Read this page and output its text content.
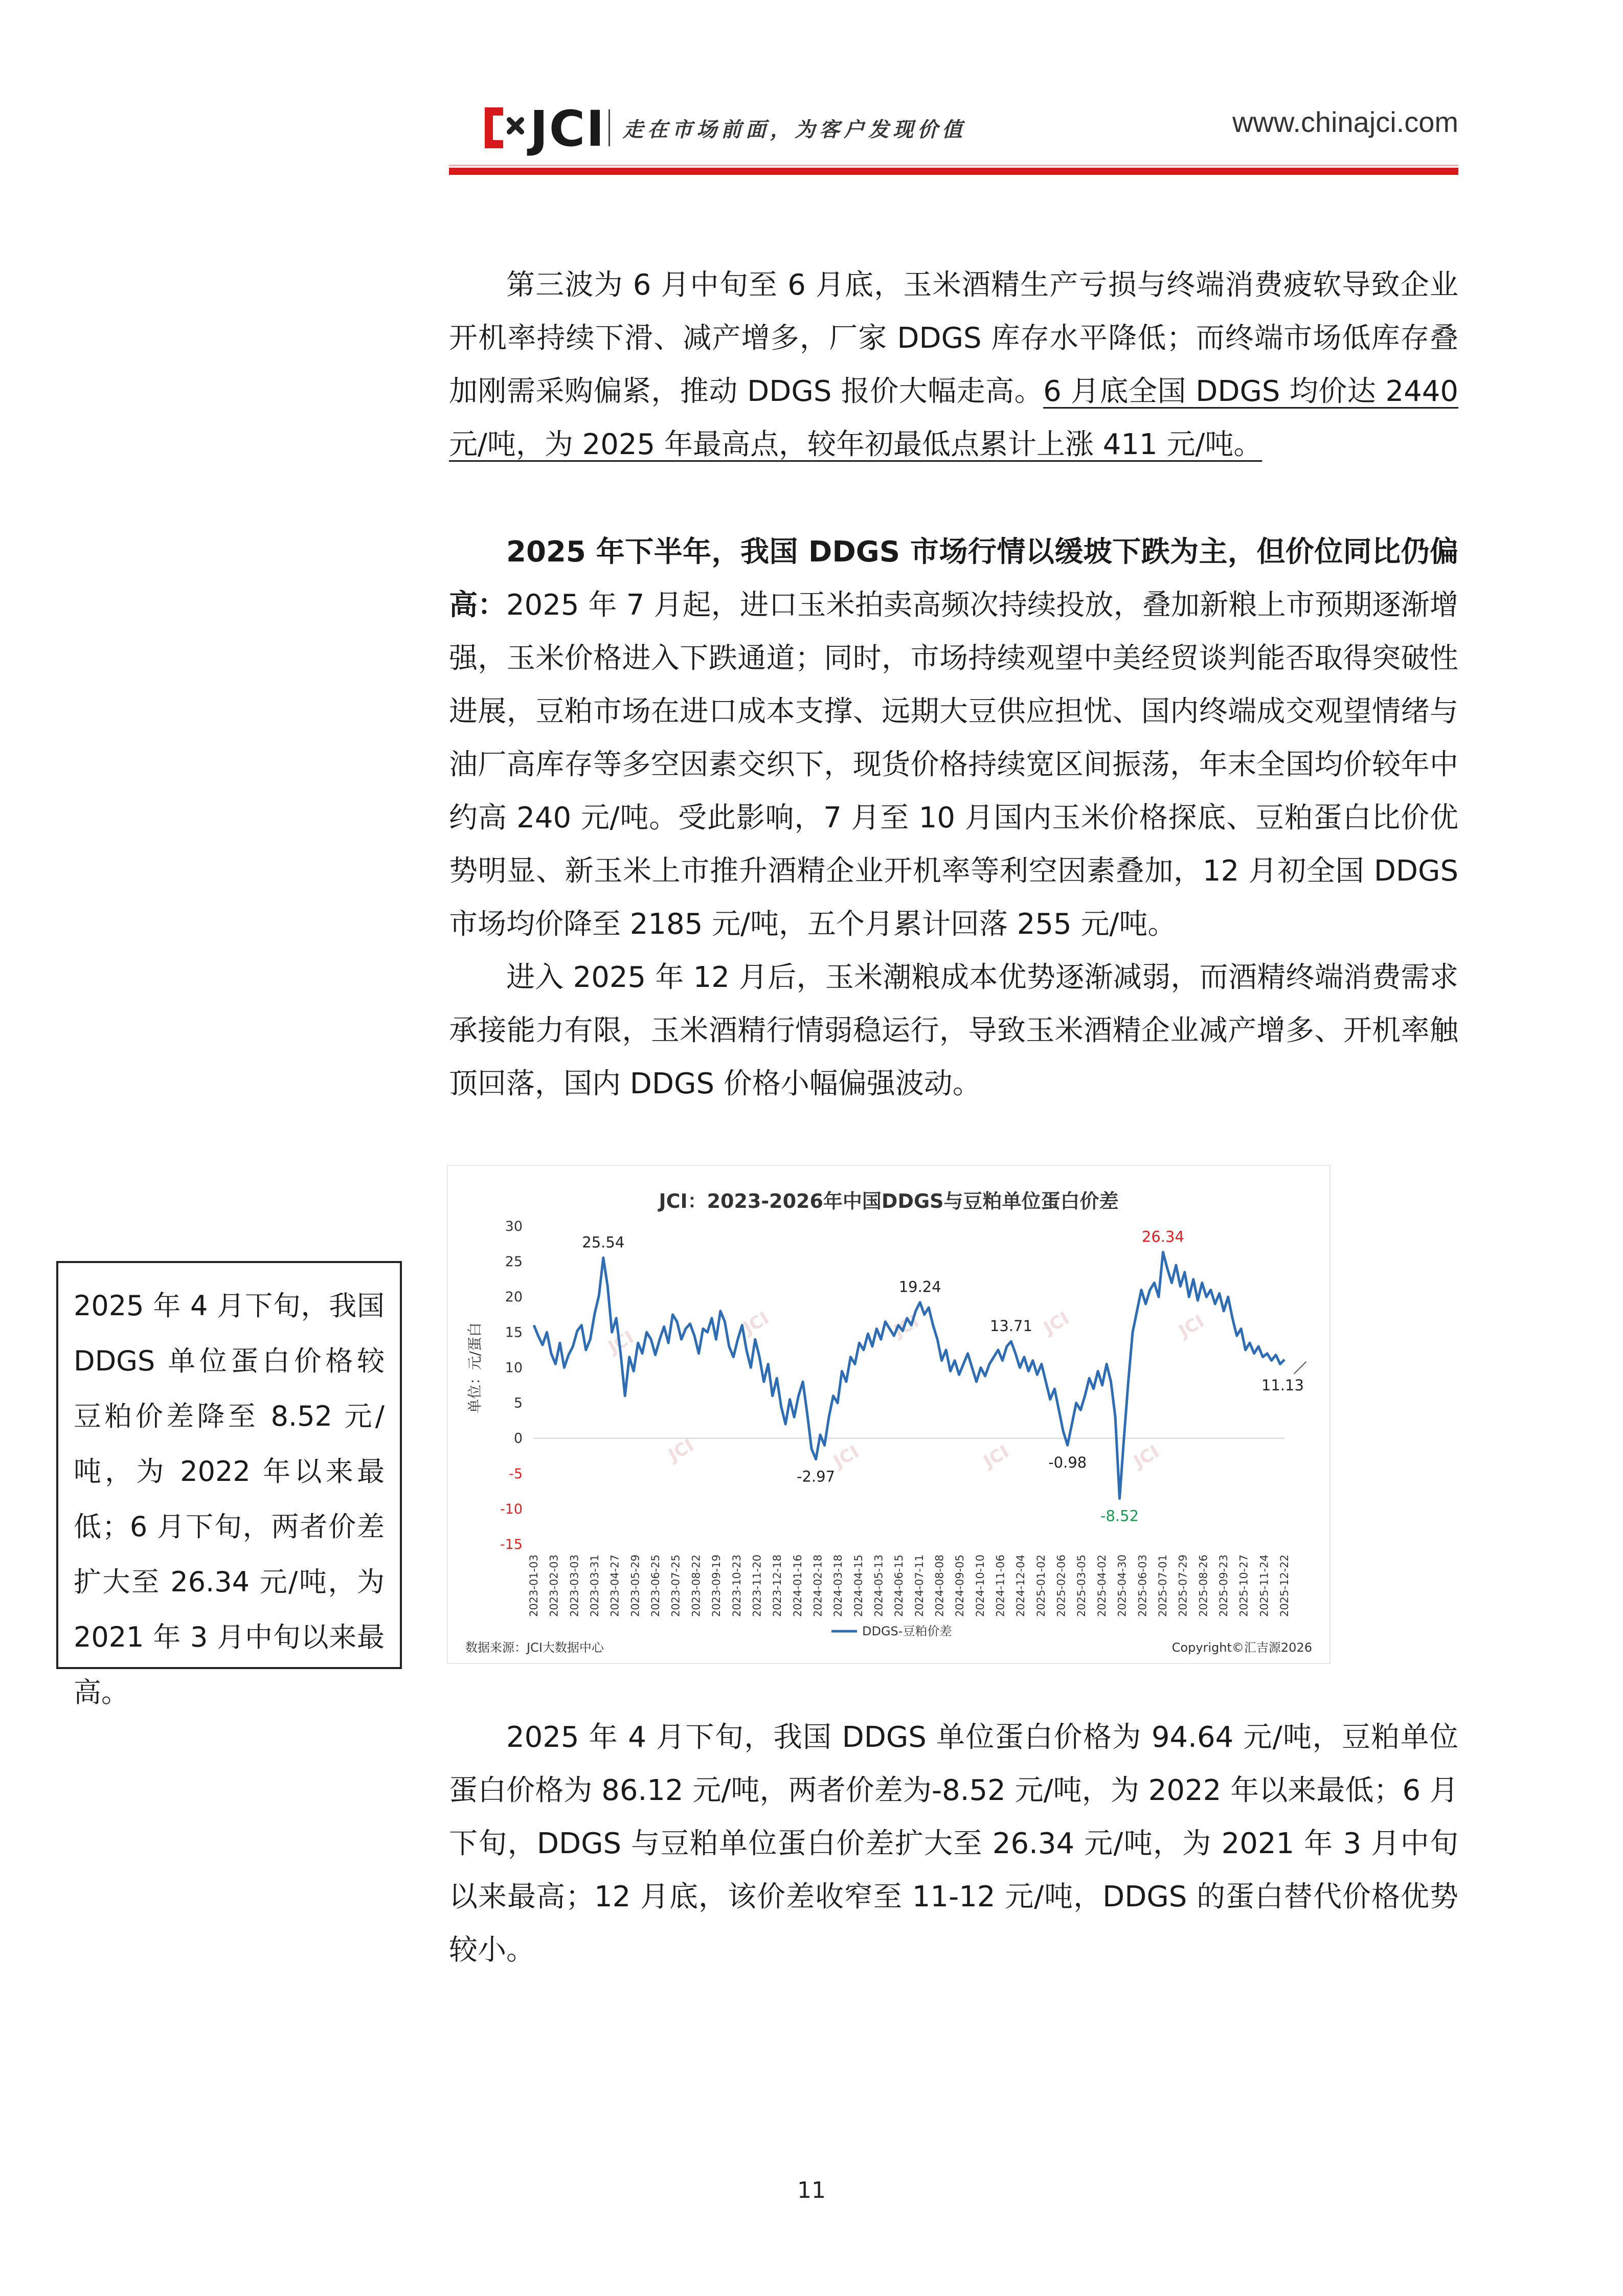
JCI 走在市场前面，为客户发现价值	www.chinajci.com

第三波为 6 月中旬至 6 月底，玉米酒精生产亏损与终端消费疲软导致企业开机率持续下滑、减产增多，厂家 DDGS 库存水平降低；而终端市场低库存叠加刚需采购偏紧，推动 DDGS 报价大幅走高。6 月底全国 DDGS 均价达 2440 元/吨，为 2025 年最高点，较年初最低点累计上涨 411 元/吨。

2025 年下半年，我国 DDGS 市场行情以缓坡下跌为主，但价位同比仍偏高： 2025 年 7 月起，进口玉米拍卖高频次持续投放，叠加新粮上市预期逐渐增强，玉米价格进入下跌通道；同时，市场持续观望中美经贸谈判能否取得突破性进展，豆粕市场在进口成本支撑、远期大豆供应担忧、国内终端成交观望情绪与油厂高库存等多空因素交织下，现货价格持续宽区间振荡，年末全国均价较年中约高 240 元/吨。受此影响，7 月至 10 月国内玉米价格探底、豆粕蛋白比价优势明显、新玉米上市推升酒精企业开机率等利空因素叠加，12 月初全国 DDGS 市场均价降至 2185 元/吨，五个月累计回落 255 元/吨。

进入 2025 年 12 月后，玉米潮粮成本优势逐渐减弱，而酒精终端消费需求承接能力有限，玉米酒精行情弱稳运行，导致玉米酒精企业减产增多、开机率触顶回落，国内 DDGS 价格小幅偏强波动。

2025 年 4 月下旬，我国 DDGS 单位蛋白价格较豆粕价差降至 8.52 元/吨，为 2022 年以来最低；6 月下旬，两者价差扩大至 26.34 元/吨，为 2021 年 3 月中旬以来最高。
JCI
JCI	JCI	JCI	JCI
JCI	JCI	JCI	JCI
JCI：2023-2026年中国DDGS与豆粕单位蛋白价差
单位：元/蛋白
30
25
20
15
10
5
0
-5
-10
-15
2023-01-03 2023-02-03 2023-03-03 2023-03-31 2023-04-27 2023-05-29 2023-06-25 2023-07-25 2023-08-22 2023-09-19 2023-10-23 2023-11-20 2023-12-18 2024-01-16 2024-02-18 2024-03-18 2024-04-15 2024-05-13 2024-06-15 2024-07-11 2024-08-08 2024-09-05 2024-10-10 2024-11-06 2024-12-04 2025-01-02 2025-02-06 2025-03-05 2025-04-02 2025-04-30 2025-06-03 2025-07-01 2025-07-29 2025-08-26 2025-09-23 2025-10-27 2025-11-24 2025-12-22
25.54
-2.97
19.24
13.71
-0.98
-8.52
26.34
11.13
DDGS-豆粕价差
数据来源：JCI大数据中心	Copyright©汇吉源2026

2025 年 4 月下旬，我国 DDGS 单位蛋白价格为 94.64 元/吨，豆粕单位蛋白价格为 86.12 元/吨，两者价差为-8.52 元/吨，为 2022 年以来最低；6 月下旬，DDGS 与豆粕单位蛋白价差扩大至 26.34 元/吨，为 2021 年 3 月中旬以来最高；12 月底，该价差收窄至 11-12 元/吨，DDGS 的蛋白替代价格优势较小。

11
